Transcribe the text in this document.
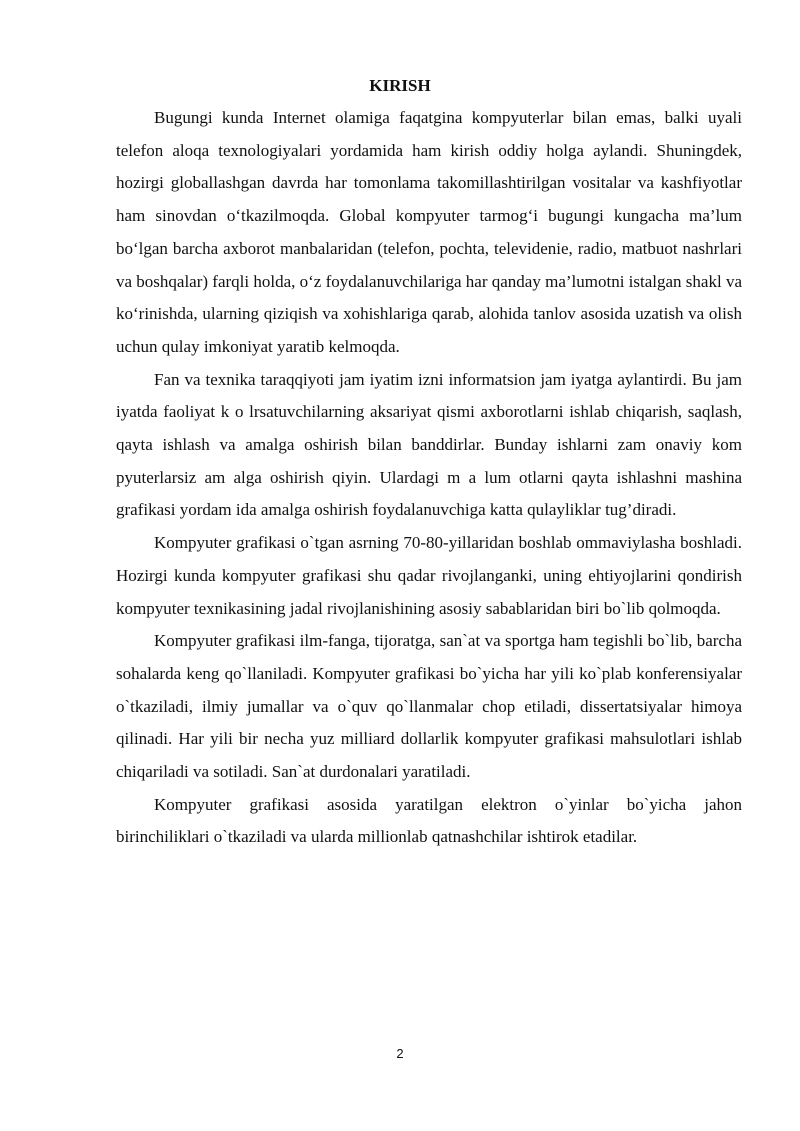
KIRISH

Bugungi kunda Internet olamiga faqatgina kompyuterlar bilan emas, balki uyali telefon aloqa texnologiyalari yordamida ham kirish oddiy holga aylandi. Shuningdek, hozirgi globallashgan davrda har tomonlama takomillashtirilgan vositalar va kashfiyotlar ham sinovdan o‘tkazilmoqda. Global kompyuter tarmog‘i bugungi kungacha ma’lum bo‘lgan barcha axborot manbalaridan (telefon, pochta, televidenie, radio, matbuot nashrlari va boshqalar) farqli holda, o‘z foydalanuvchilariga har qanday ma’lumotni istalgan shakl va ko‘rinishda, ularning qiziqish va xohishlariga qarab, alohida tanlov asosida uzatish va olish uchun qulay imkoniyat yaratib kelmoqda.

Fan va texnika taraqqiyoti jam iyatim izni informatsion jam iyatga aylantirdi. Bu jam iyatda faoliyat k o lrsatuvchilarning aksariyat qismi axborotlarni ishlab chiqarish, saqlash, qayta ishlash va amalga oshirish bilan banddirlar. Bunday ishlarni zam onaviy kom pyuterlarsiz am alga oshirish qiyin. Ulardagi m a lum otlarni qayta ishlashni mashina grafikasi yordam ida amalga oshirish foydalanuvchiga katta qulayliklar tug’diradi.

Kompyuter grafikasi o`tgan asrning 70-80-yillaridan boshlab ommaviylasha boshladi. Hozirgi kunda kompyuter grafikasi shu qadar rivojlanganki, uning ehtiyojlarini qondirish kompyuter texnikasining jadal rivojlanishining asosiy sabablaridan biri bo`lib qolmoqda.

Kompyuter grafikasi ilm-fanga, tijoratga, san`at va sportga ham tegishli bo`lib, barcha sohalarda keng qo`llaniladi. Kompyuter grafikasi bo`yicha har yili ko`plab konferensiyalar o`tkaziladi, ilmiy jumallar va o`quv qo`llanmalar chop etiladi, dissertatsiyalar himoya qilinadi. Har yili bir necha yuz milliard dollarlik kompyuter grafikasi mahsulotlari ishlab chiqariladi va sotiladi. San`at durdonalari yaratiladi.

Kompyuter grafikasi asosida yaratilgan elektron o`yinlar bo`yicha jahon birinchiliklari o`tkaziladi va ularda millionlab qatnashchilar ishtirok etadilar.

2
